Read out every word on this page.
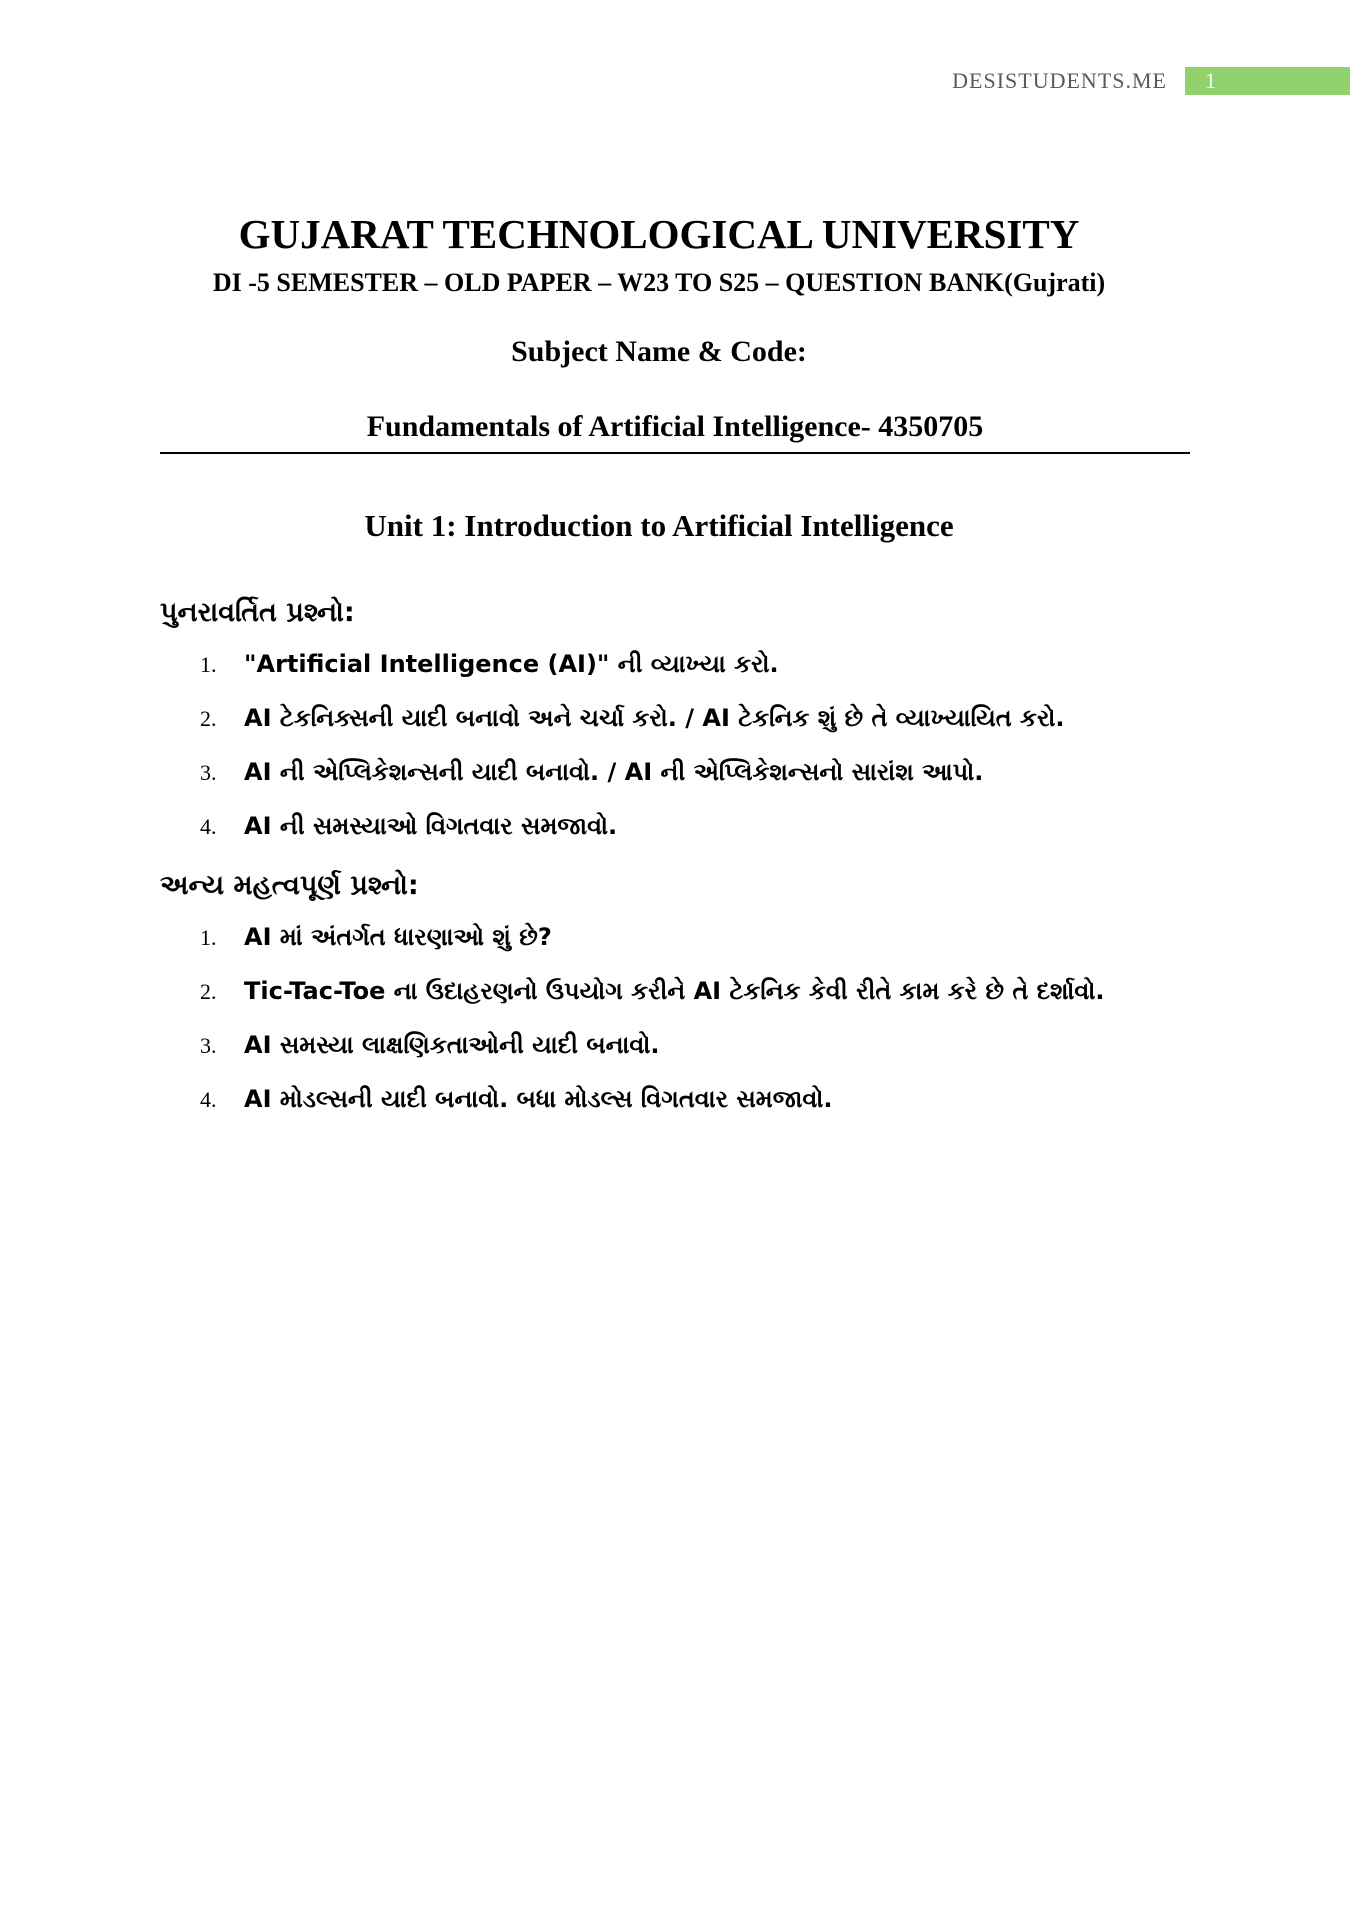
DESISTUDENTS.ME	1
GUJARAT TECHNOLOGICAL UNIVERSITY
DI -5 SEMESTER – OLD PAPER – W23 TO S25 – QUESTION BANK(Gujrati)
Subject Name & Code:
Fundamentals of Artificial Intelligence- 4350705
Unit 1: Introduction to Artificial Intelligence
પુનરાવર્તિત પ્રશ્નો:
1.	"Artificial Intelligence (AI)" ની વ્યાખ્યા કરો.
2.	AI ટેકનિક્સની યાદી બનાવો અને ચર્ચા કરો. / AI ટેકનિક શું છે તે વ્યાખ્યાયિત કરો.
3.	AI ની એપ્લિકેશન્સની યાદી બનાવો. / AI ની એપ્લિકેશન્સનો સારાંશ આપો.
4.	AI ની સમસ્યાઓ વિગતવાર સમજાવો.
અન્ય મહત્વપૂર્ણ પ્રશ્નો:
1.	AI માં અંતર્ગત ધારણાઓ શું છે?
2.	Tic-Tac-Toe ના ઉદાહરણનો ઉપયોગ કરીને AI ટેકનિક કેવી રીતે કામ કરે છે તે દર્શાવો.
3.	AI સમસ્યા લાક્ષણિકતાઓની યાદી બનાવો.
4.	AI મોડલ્સની યાદી બનાવો. બધા મોડલ્સ વિગતવાર સમજાવો.
